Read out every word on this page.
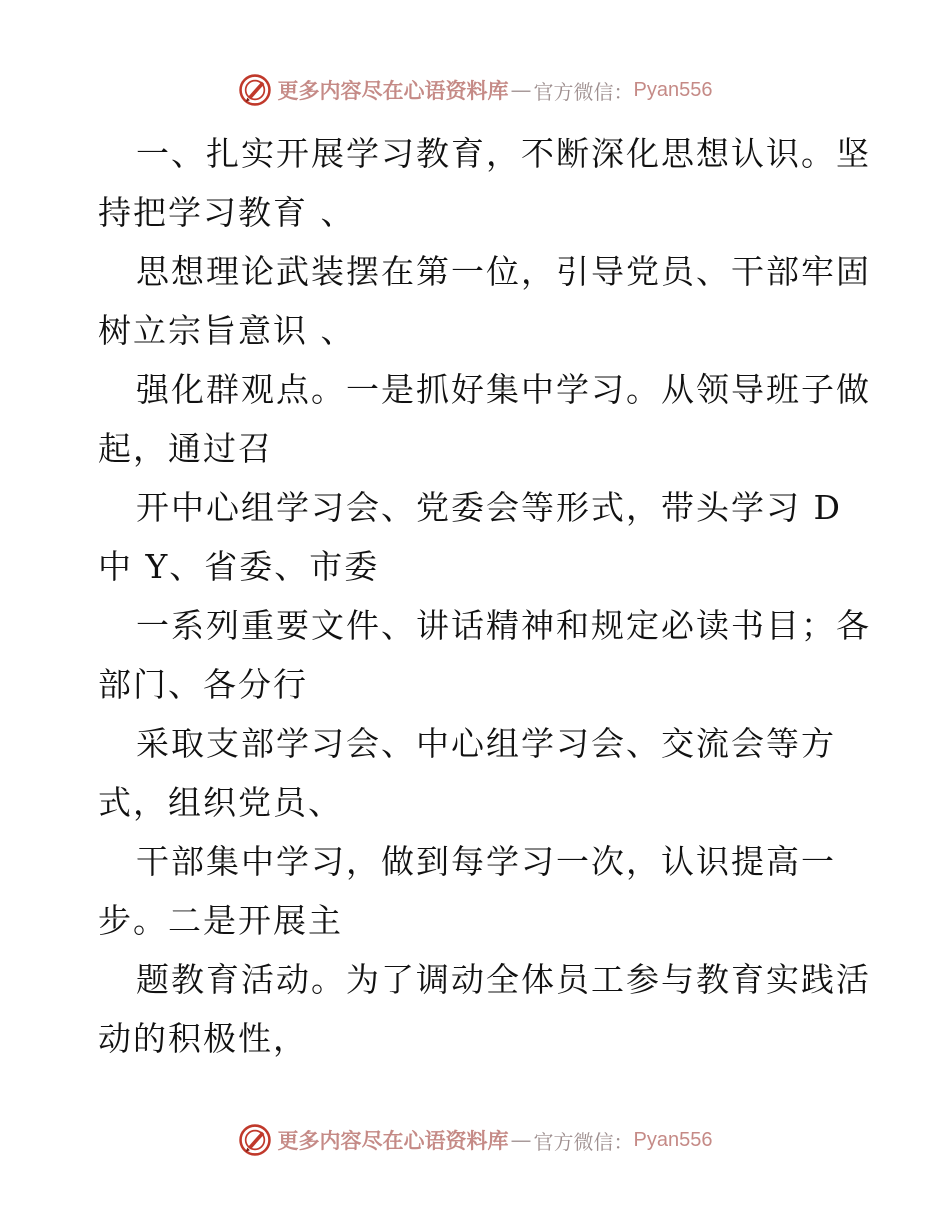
更多内容尽在心语资料库 — 官方微信： Pyan556
一、扎实开展学习教育，不断深化思想认识。坚
持把学习教育 、
思想理论武装摆在第一位，引导党员、干部牢固
树立宗旨意识 、
强化群观点。一是抓好集中学习。从领导班子做
起，通过召
开中心组学习会、党委会等形式，带头学习 D
中 Y、省委、市委
一系列重要文件、讲话精神和规定必读书目；各
部门、各分行
采取支部学习会、中心组学习会、交流会等方
式，组织党员、
干部集中学习，做到每学习一次，认识提高一
步。二是开展主
题教育活动。为了调动全体员工参与教育实践活
动的积极性，
更多内容尽在心语资料库 — 官方微信： Pyan556
